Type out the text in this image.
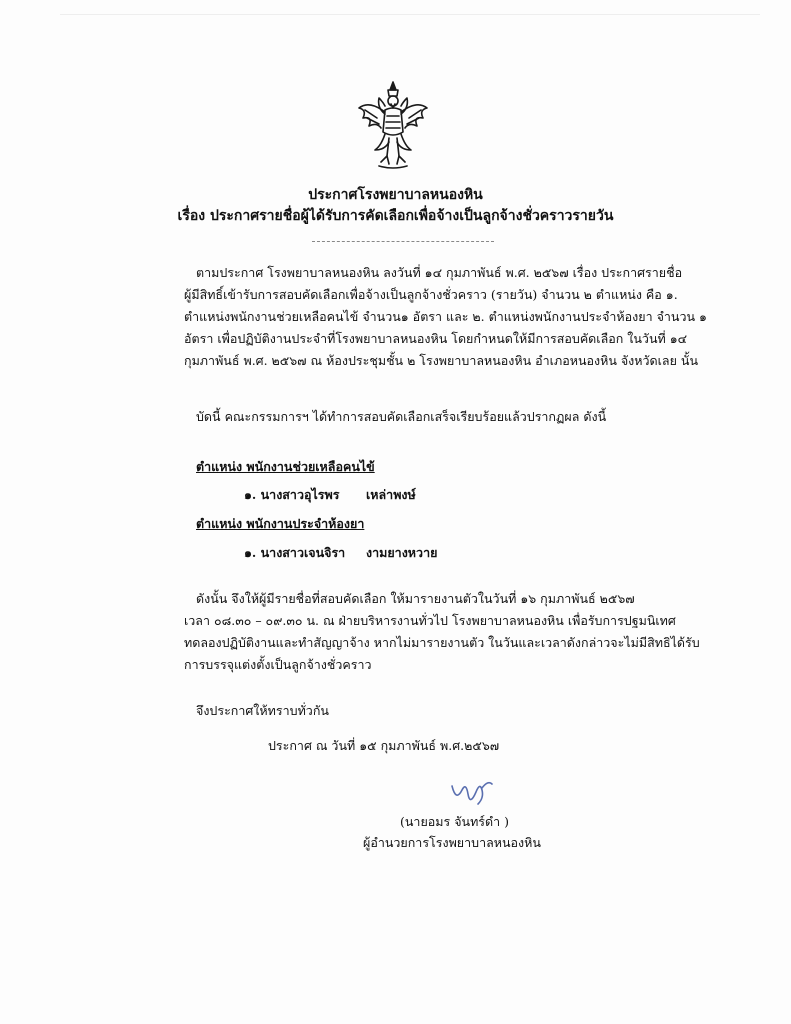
ประกาศโรงพยาบาลหนองหิน
เรื่อง ประกาศรายชื่อผู้ได้รับการคัดเลือกเพื่อจ้างเป็นลูกจ้างชั่วคราวรายวัน

ตามประกาศ โรงพยาบาลหนองหิน ลงวันที่ ๑๔ กุมภาพันธ์ พ.ศ. ๒๕๖๗ เรื่อง ประกาศรายชื่อ

ผู้มีสิทธิ์เข้ารับการสอบคัดเลือกเพื่อจ้างเป็นลูกจ้างชั่วคราว (รายวัน) จำนวน ๒ ตำแหน่ง คือ ๑. ตำแหน่งพนักงานช่วยเหลือคนไข้ จำนวน๑ อัตรา และ ๒. ตำแหน่งพนักงานประจำห้องยา จำนวน ๑ อัตรา เพื่อปฏิบัติงานประจำที่โรงพยาบาลหนองหิน โดยกำหนดให้มีการสอบคัดเลือก ในวันที่ ๑๔ กุมภาพันธ์ พ.ศ. ๒๕๖๗ ณ ห้องประชุมชั้น ๒ โรงพยาบาลหนองหิน อำเภอหนองหิน จังหวัดเลย นั้น

บัดนี้ คณะกรรมการฯ ได้ทำการสอบคัดเลือกเสร็จเรียบร้อยแล้วปรากฏผล ดังนี้

ตำแหน่ง พนักงานช่วยเหลือคนไข้
๑. นางสาวอุไรพร เหล่าพงษ์
ตำแหน่ง พนักงานประจำห้องยา
๑. นางสาวเจนจิรา งามยางหวาย

ดังนั้น จึงให้ผู้มีรายชื่อที่สอบคัดเลือก ให้มารายงานตัวในวันที่ ๑๖ กุมภาพันธ์ ๒๕๖๗

เวลา ๐๘.๓๐ – ๐๙.๓๐ น. ณ ฝ่ายบริหารงานทั่วไป โรงพยาบาลหนองหิน เพื่อรับการปฐมนิเทศ ทดลองปฏิบัติงานและทำสัญญาจ้าง หากไม่มารายงานตัว ในวันและเวลาดังกล่าวจะไม่มีสิทธิได้รับการบรรจุแต่งตั้งเป็นลูกจ้างชั่วคราว

จึงประกาศให้ทราบทั่วกัน

ประกาศ ณ วันที่ ๑๕ กุมภาพันธ์ พ.ศ.๒๕๖๗
(นายอมร จันทร์ดำ )
ผู้อำนวยการโรงพยาบาลหนองหิน
